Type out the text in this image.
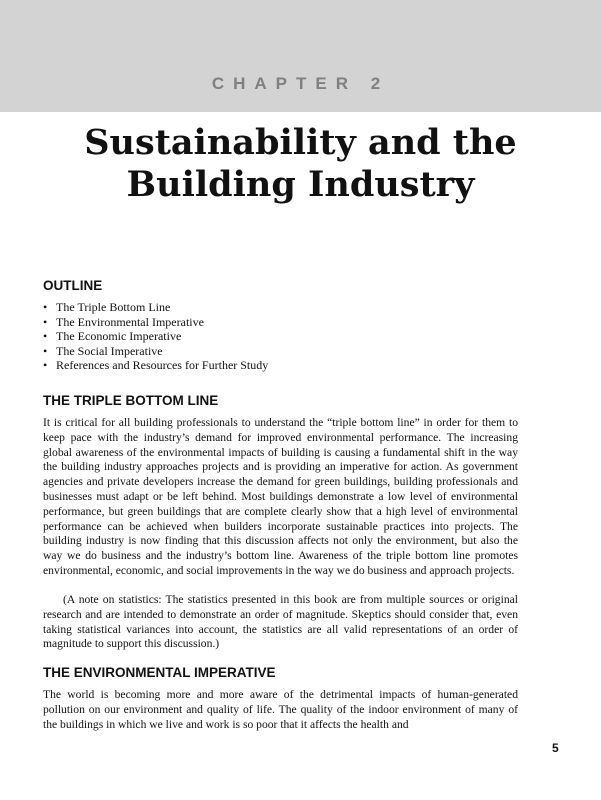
CHAPTER 2
Sustainability and the
Building Industry
OUTLINE
• The Triple Bottom Line
• The Environmental Imperative
• The Economic Imperative
• The Social Imperative
• References and Resources for Further Study
THE TRIPLE BOTTOM LINE

It is critical for all building professionals to understand the “triple bottom line” in order for them to keep pace with the industry’s demand for improved environmental performance. The increasing global awareness of the environmental impacts of building is causing a fundamental shift in the way the building industry approaches projects and is providing an imperative for action. As government agencies and private developers increase the demand for green buildings, building professionals and businesses must adapt or be left behind. Most buildings demonstrate a low level of environmental performance, but green buildings that are complete clearly show that a high level of environmental performance can be achieved when builders incorporate sustainable practices into projects. The building industry is now finding that this discussion affects not only the environment, but also the way we do business and the industry’s bottom line. Awareness of the triple bottom line promotes environmental, economic, and social improvements in the way we do business and approach projects.

(A note on statistics: The statistics presented in this book are from multiple sources or original research and are intended to demonstrate an order of magnitude. Skeptics should consider that, even taking statistical variances into account, the statistics are all valid representations of an order of magnitude to support this discussion.)

THE ENVIRONMENTAL IMPERATIVE

The world is becoming more and more aware of the detrimental impacts of human-generated pollution on our environment and quality of life. The quality of the indoor environment of many of the buildings in which we live and work is so poor that it affects the health and

5
